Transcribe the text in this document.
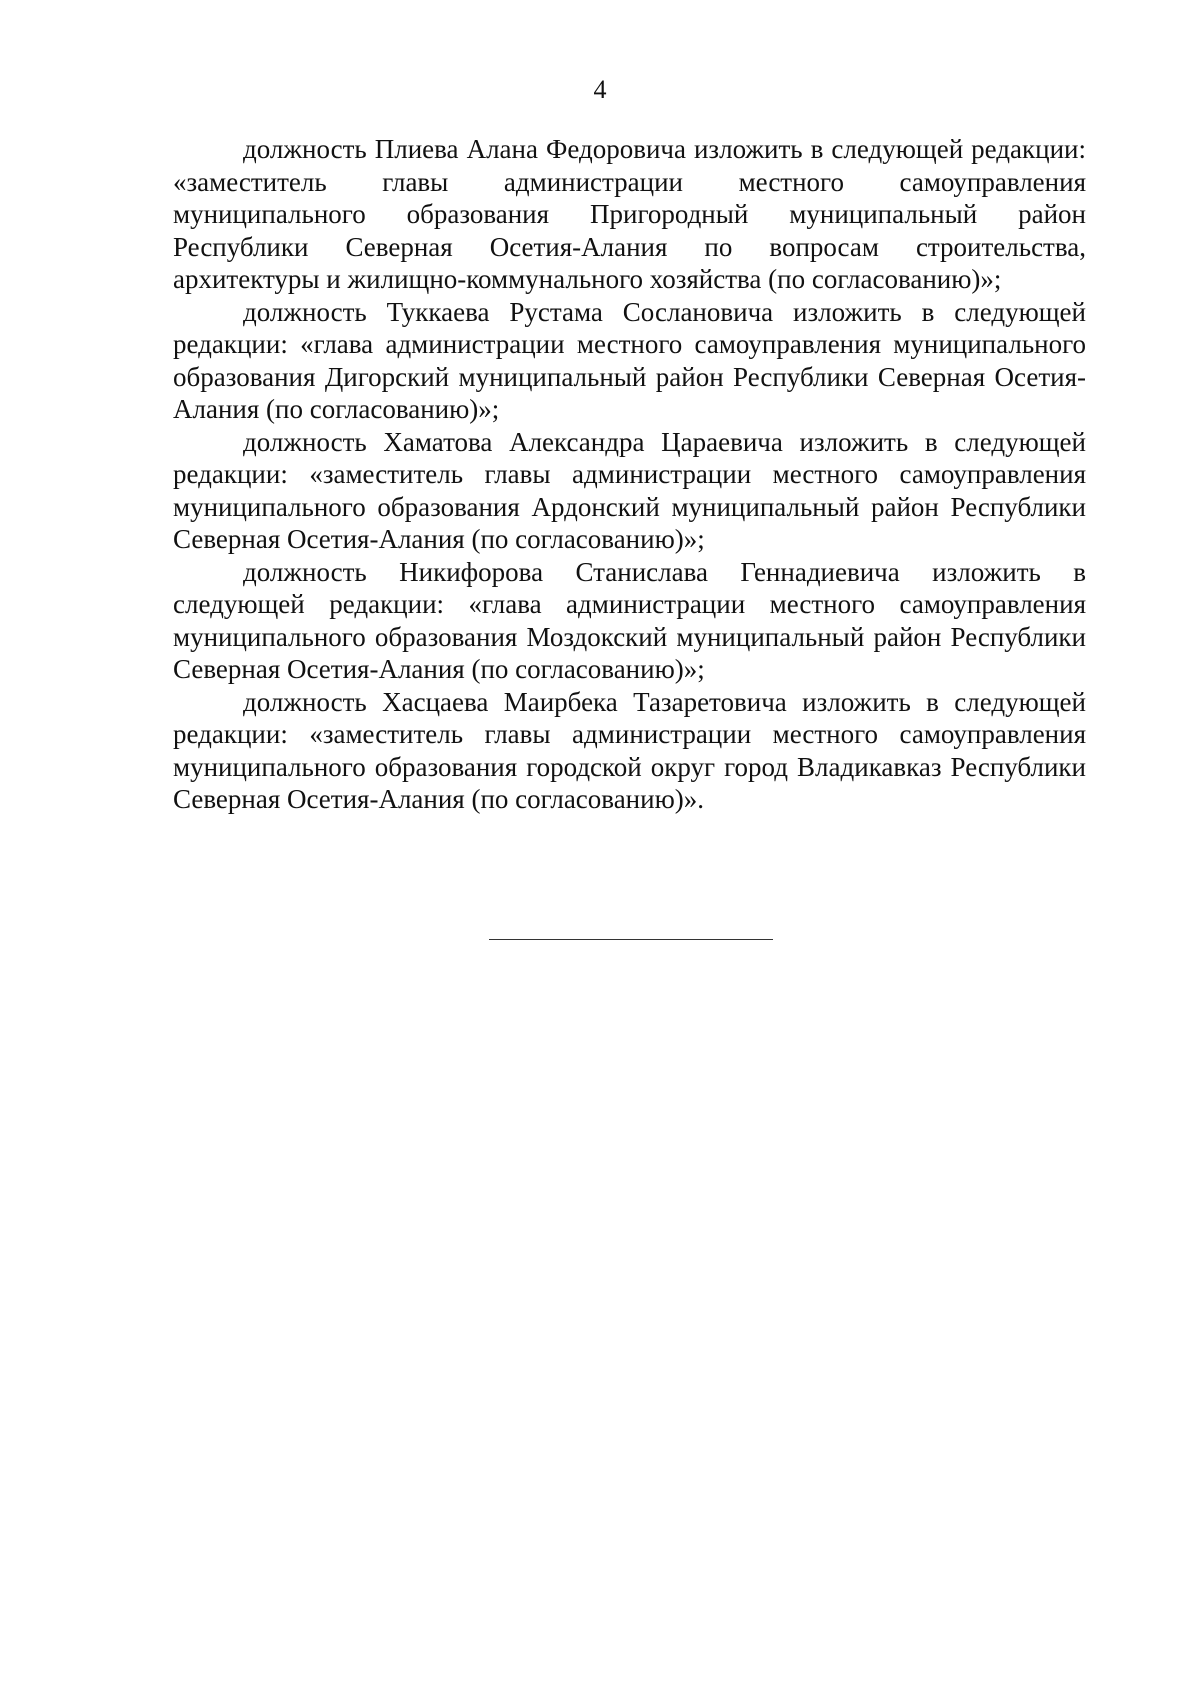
4

должность Плиева Алана Федоровича изложить в следующей редакции: «заместитель главы администрации местного самоуправления муниципального образования Пригородный муниципальный район Республики Северная Осетия-Алания по вопросам строительства, архитектуры и жилищно-коммунального хозяйства (по согласованию)»;

должность Туккаева Рустама Сослановича изложить в следующей редакции: «глава администрации местного самоуправления муниципального образования Дигорский муниципальный район Республики Северная Осетия-Алания (по согласованию)»;

должность Хаматова Александра Цараевича изложить в следующей редакции: «заместитель главы администрации местного самоуправления муниципального образования Ардонский муниципальный район Республики Северная Осетия-Алания (по согласованию)»;

должность Никифорова Станислава Геннадиевича изложить в следующей редакции: «глава администрации местного самоуправления муниципального образования Моздокский муниципальный район Республики Северная Осетия-Алания (по согласованию)»;

должность Хасцаева Маирбека Тазаретовича изложить в следующей редакции: «заместитель главы администрации местного самоуправления муниципального образования городской округ город Владикавказ Республики Северная Осетия-Алания (по согласованию)».
